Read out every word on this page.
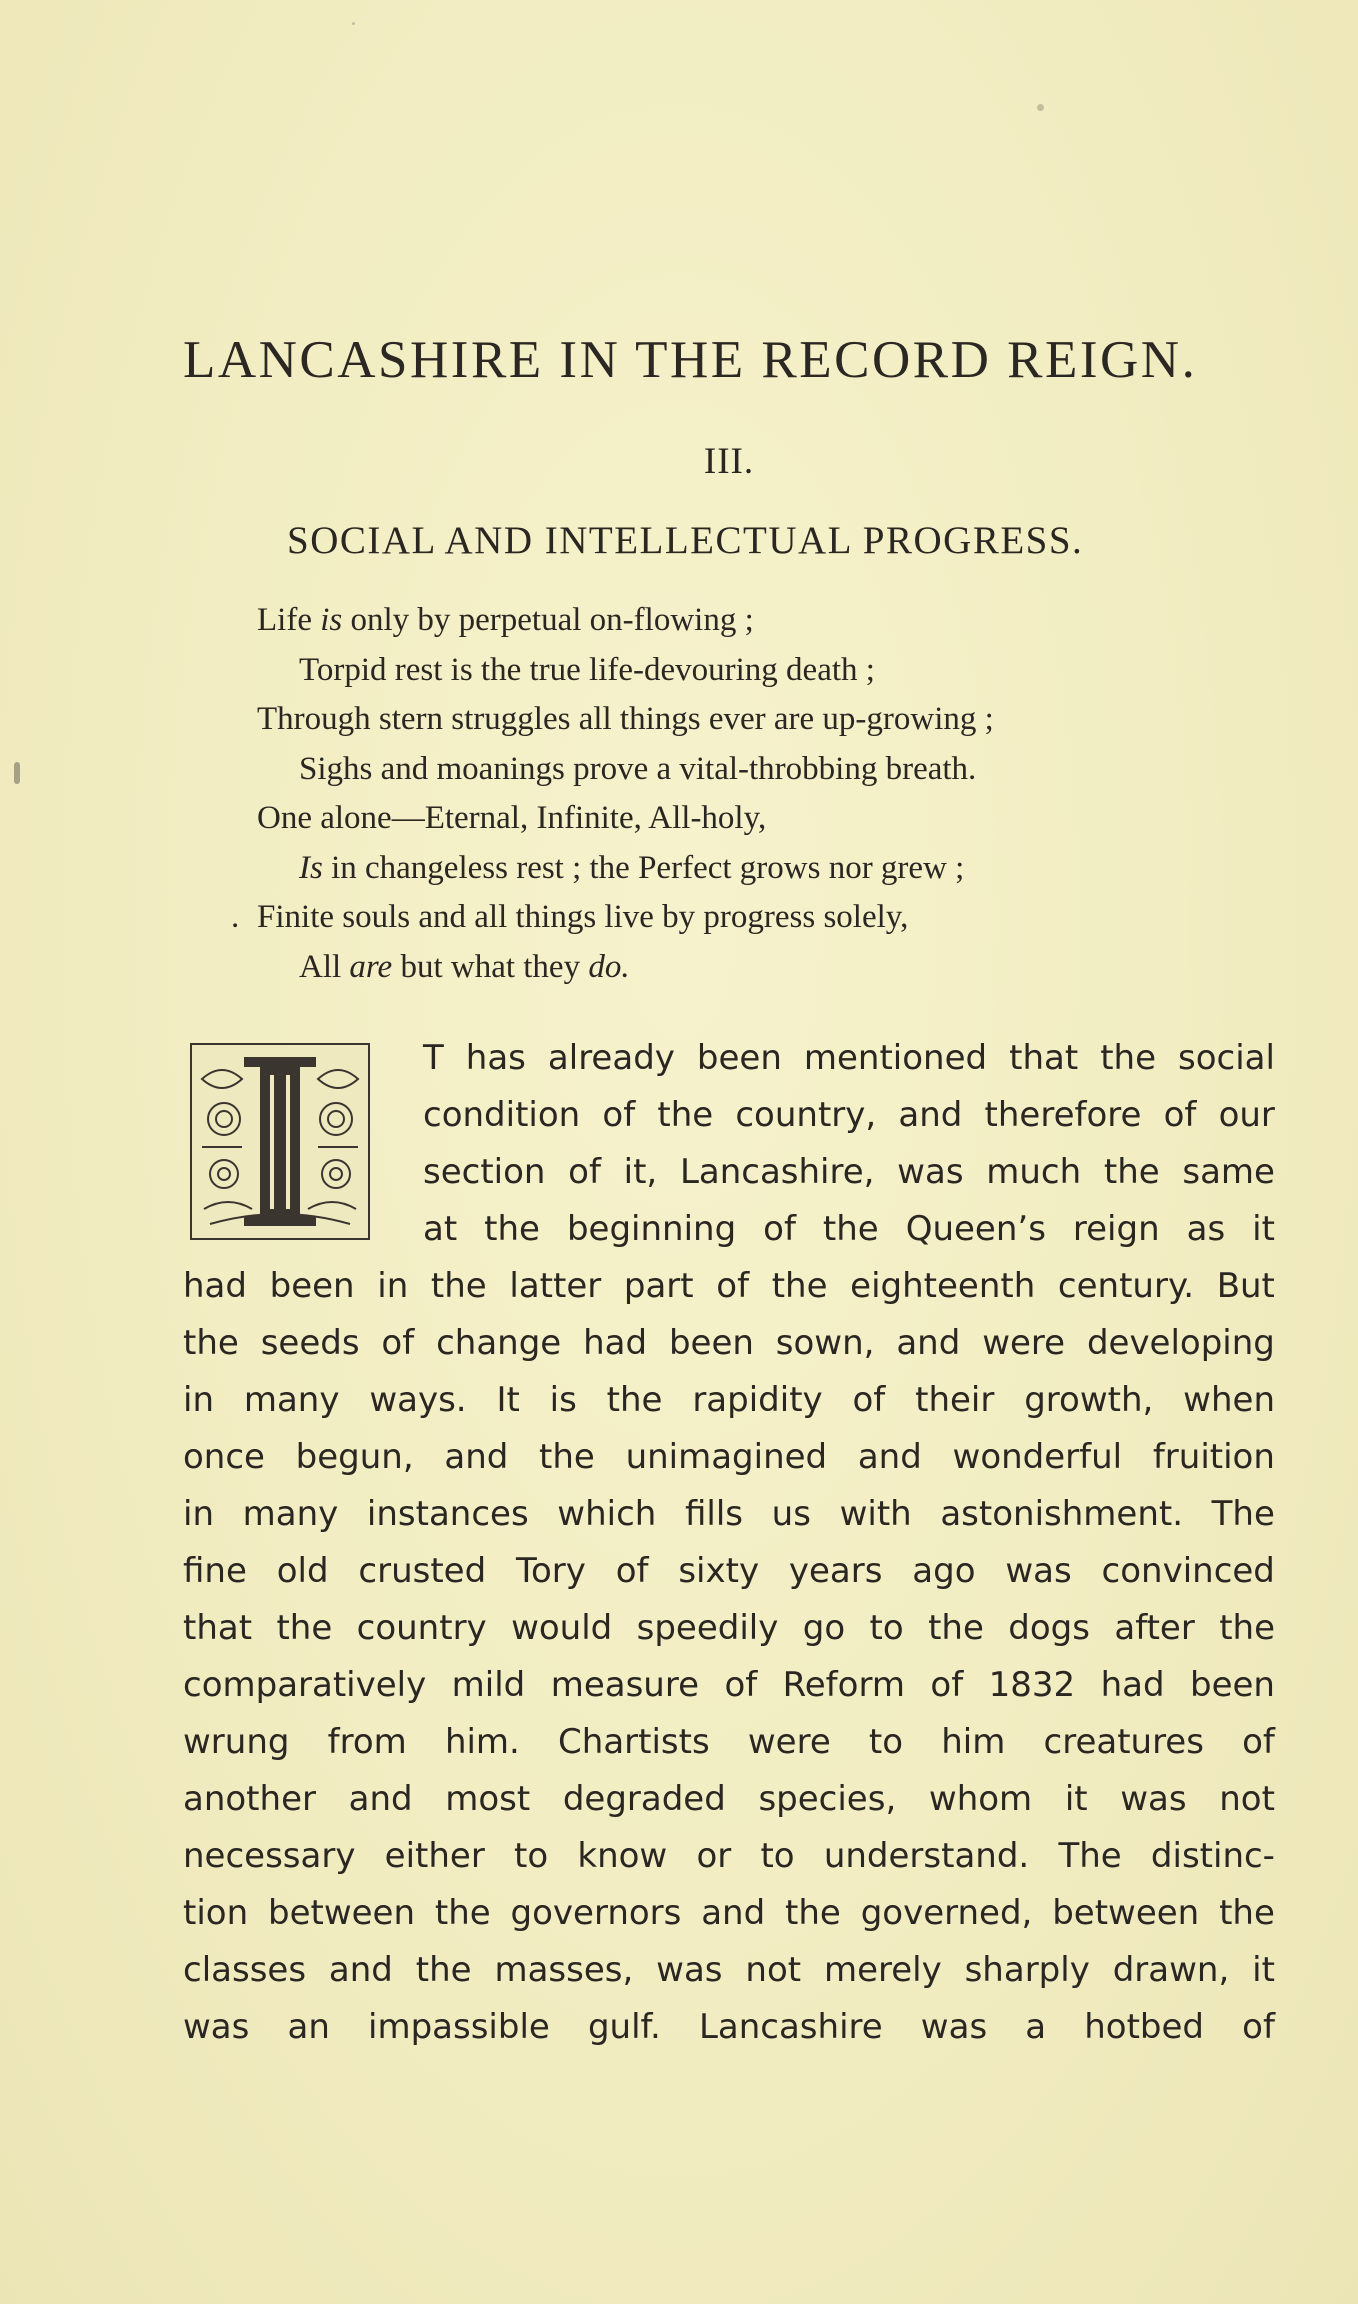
LANCASHIRE IN THE RECORD REIGN.
III.
SOCIAL AND INTELLECTUAL PROGRESS.
Life is only by perpetual on-flowing ;
Torpid rest is the true life-devouring death ;
Through stern struggles all things ever are up-growing ;
Sighs and moanings prove a vital-throbbing breath.
One alone—Eternal, Infinite, All-holy,
Is in changeless rest ; the Perfect grows nor grew ;
. Finite souls and all things live by progress solely,
All are but what they do.
I	T has already been mentioned that the social
condition of the country, and therefore of our
section of it, Lancashire, was much the same
at the beginning of the Queen’s reign as it
had been in the latter part of the eighteenth century. But
the seeds of change had been sown, and were developing
in many ways. It is the rapidity of their growth, when
once begun, and the unimagined and wonderful fruition
in many instances which fills us with astonishment. The
fine old crusted Tory of sixty years ago was convinced
that the country would speedily go to the dogs after the
comparatively mild measure of Reform of 1832 had been
wrung from him. Chartists were to him creatures of
another and most degraded species, whom it was not
necessary either to know or to understand. The distinc-
tion between the governors and the governed, between the
classes and the masses, was not merely sharply drawn, it
was an impassible gulf. Lancashire was a hotbed of
